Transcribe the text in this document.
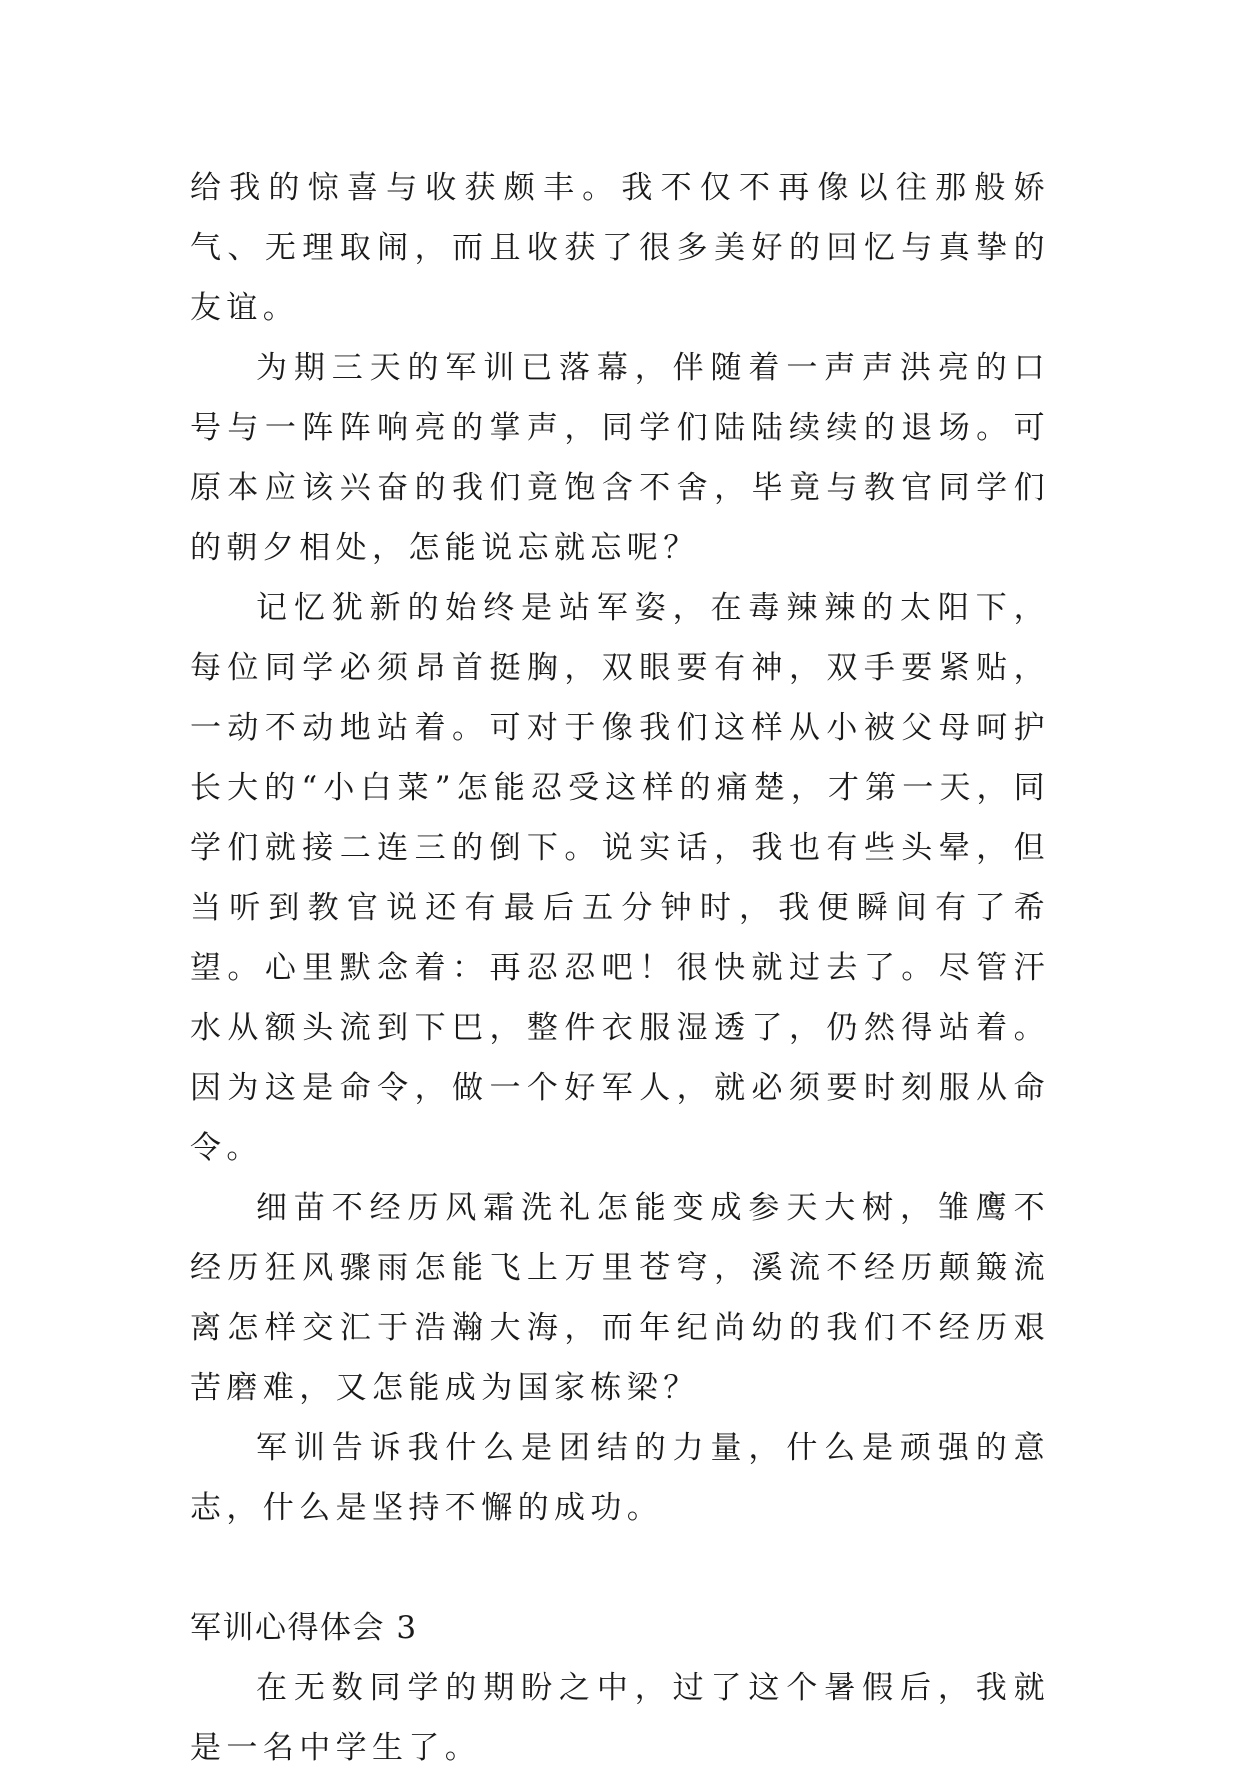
给我的惊喜与收获颇丰。我不仅不再像以往那般娇气、无理取闹，而且收获了很多美好的回忆与真挚的友谊。

为期三天的军训已落幕，伴随着一声声洪亮的口号与一阵阵响亮的掌声，同学们陆陆续续的退场。可原本应该兴奋的我们竟饱含不舍，毕竟与教官同学们的朝夕相处，怎能说忘就忘呢？

记忆犹新的始终是站军姿，在毒辣辣的太阳下，每位同学必须昂首挺胸，双眼要有神，双手要紧贴，一动不动地站着。可对于像我们这样从小被父母呵护长大的“小白菜”怎能忍受这样的痛楚，才第一天，同学们就接二连三的倒下。说实话，我也有些头晕，但当听到教官说还有最后五分钟时，我便瞬间有了希望。心里默念着：再忍忍吧！很快就过去了。尽管汗水从额头流到下巴，整件衣服湿透了，仍然得站着。因为这是命令，做一个好军人，就必须要时刻服从命令。

细苗不经历风霜洗礼怎能变成参天大树，雏鹰不经历狂风骤雨怎能飞上万里苍穹，溪流不经历颠簸流离怎样交汇于浩瀚大海，而年纪尚幼的我们不经历艰苦磨难，又怎能成为国家栋梁？

军训告诉我什么是团结的力量，什么是顽强的意志，什么是坚持不懈的成功。

军训心得体会 3

在无数同学的期盼之中，过了这个暑假后，我就是一名中学生了。
